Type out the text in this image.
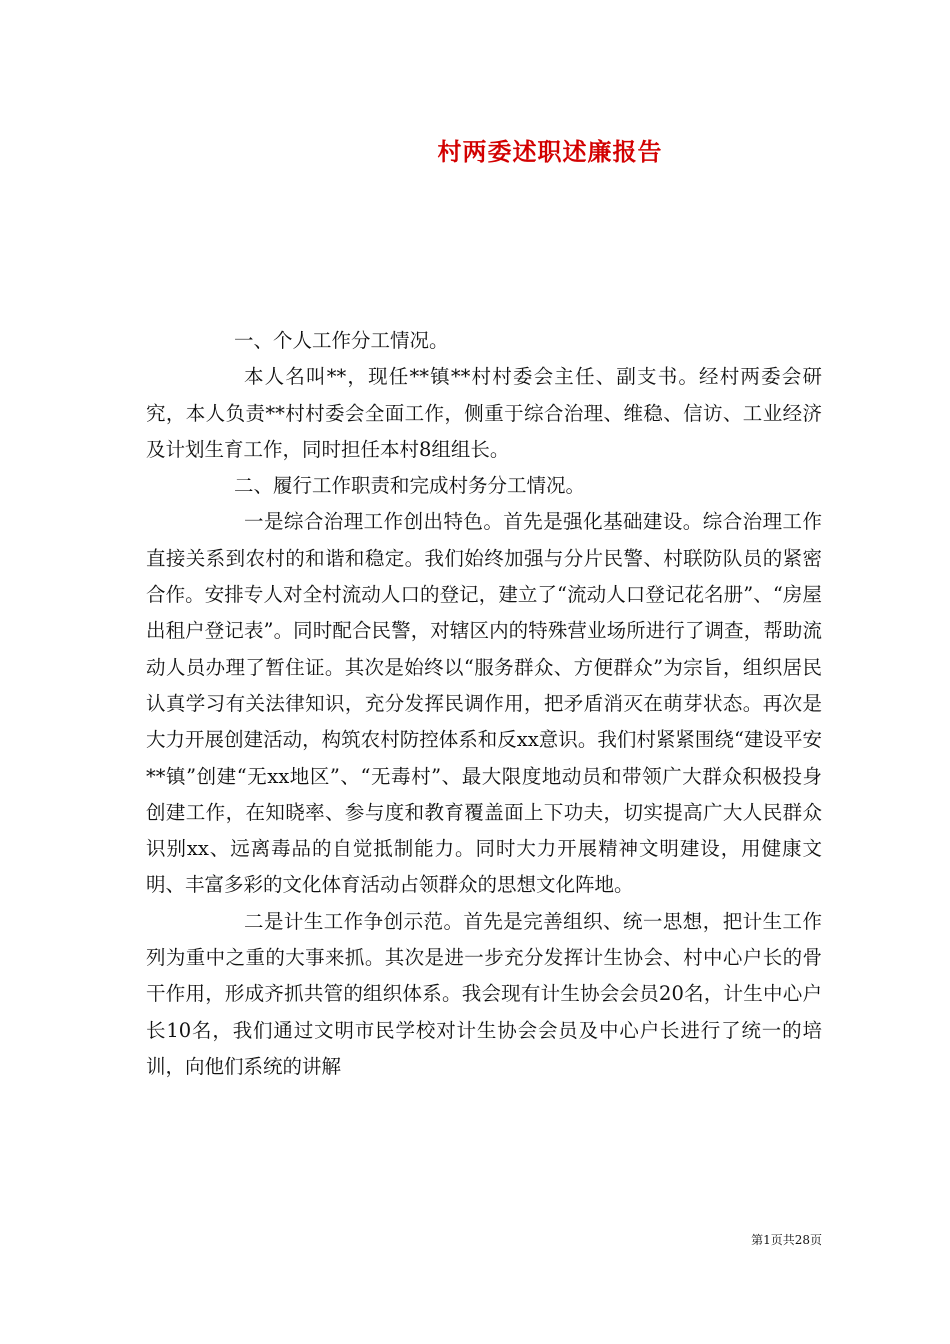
村两委述职述廉报告

一、个人工作分工情况。

本人名叫**，现任**镇**村村委会主任、副支书。经村两委会研究，本人负责**村村委会全面工作，侧重于综合治理、维稳、信访、工业经济及计划生育工作，同时担任本村8组组长。

二、履行工作职责和完成村务分工情况。

一是综合治理工作创出特色。首先是强化基础建设。综合治理工作直接关系到农村的和谐和稳定。我们始终加强与分片民警、村联防队员的紧密合作。安排专人对全村流动人口的登记，建立了“流动人口登记花名册”、“房屋出租户登记表”。同时配合民警，对辖区内的特殊营业场所进行了调查，帮助流动人员办理了暂住证。其次是始终以“服务群众、方便群众”为宗旨，组织居民认真学习有关法律知识，充分发挥民调作用，把矛盾消灭在萌芽状态。再次是大力开展创建活动，构筑农村防控体系和反xx意识。我们村紧紧围绕“建设平安**镇”创建“无xx地区”、“无毒村”、最大限度地动员和带领广大群众积极投身创建工作，在知晓率、参与度和教育覆盖面上下功夫，切实提高广大人民群众识别xx、远离毒品的自觉抵制能力。同时大力开展精神文明建设，用健康文明、丰富多彩的文化体育活动占领群众的思想文化阵地。

二是计生工作争创示范。首先是完善组织、统一思想，把计生工作列为重中之重的大事来抓。其次是进一步充分发挥计生协会、村中心户长的骨干作用，形成齐抓共管的组织体系。我会现有计生协会会员20名，计生中心户长10名，我们通过文明市民学校对计生协会会员及中心户长进行了统一的培训，向他们系统的讲解

第1页共28页
